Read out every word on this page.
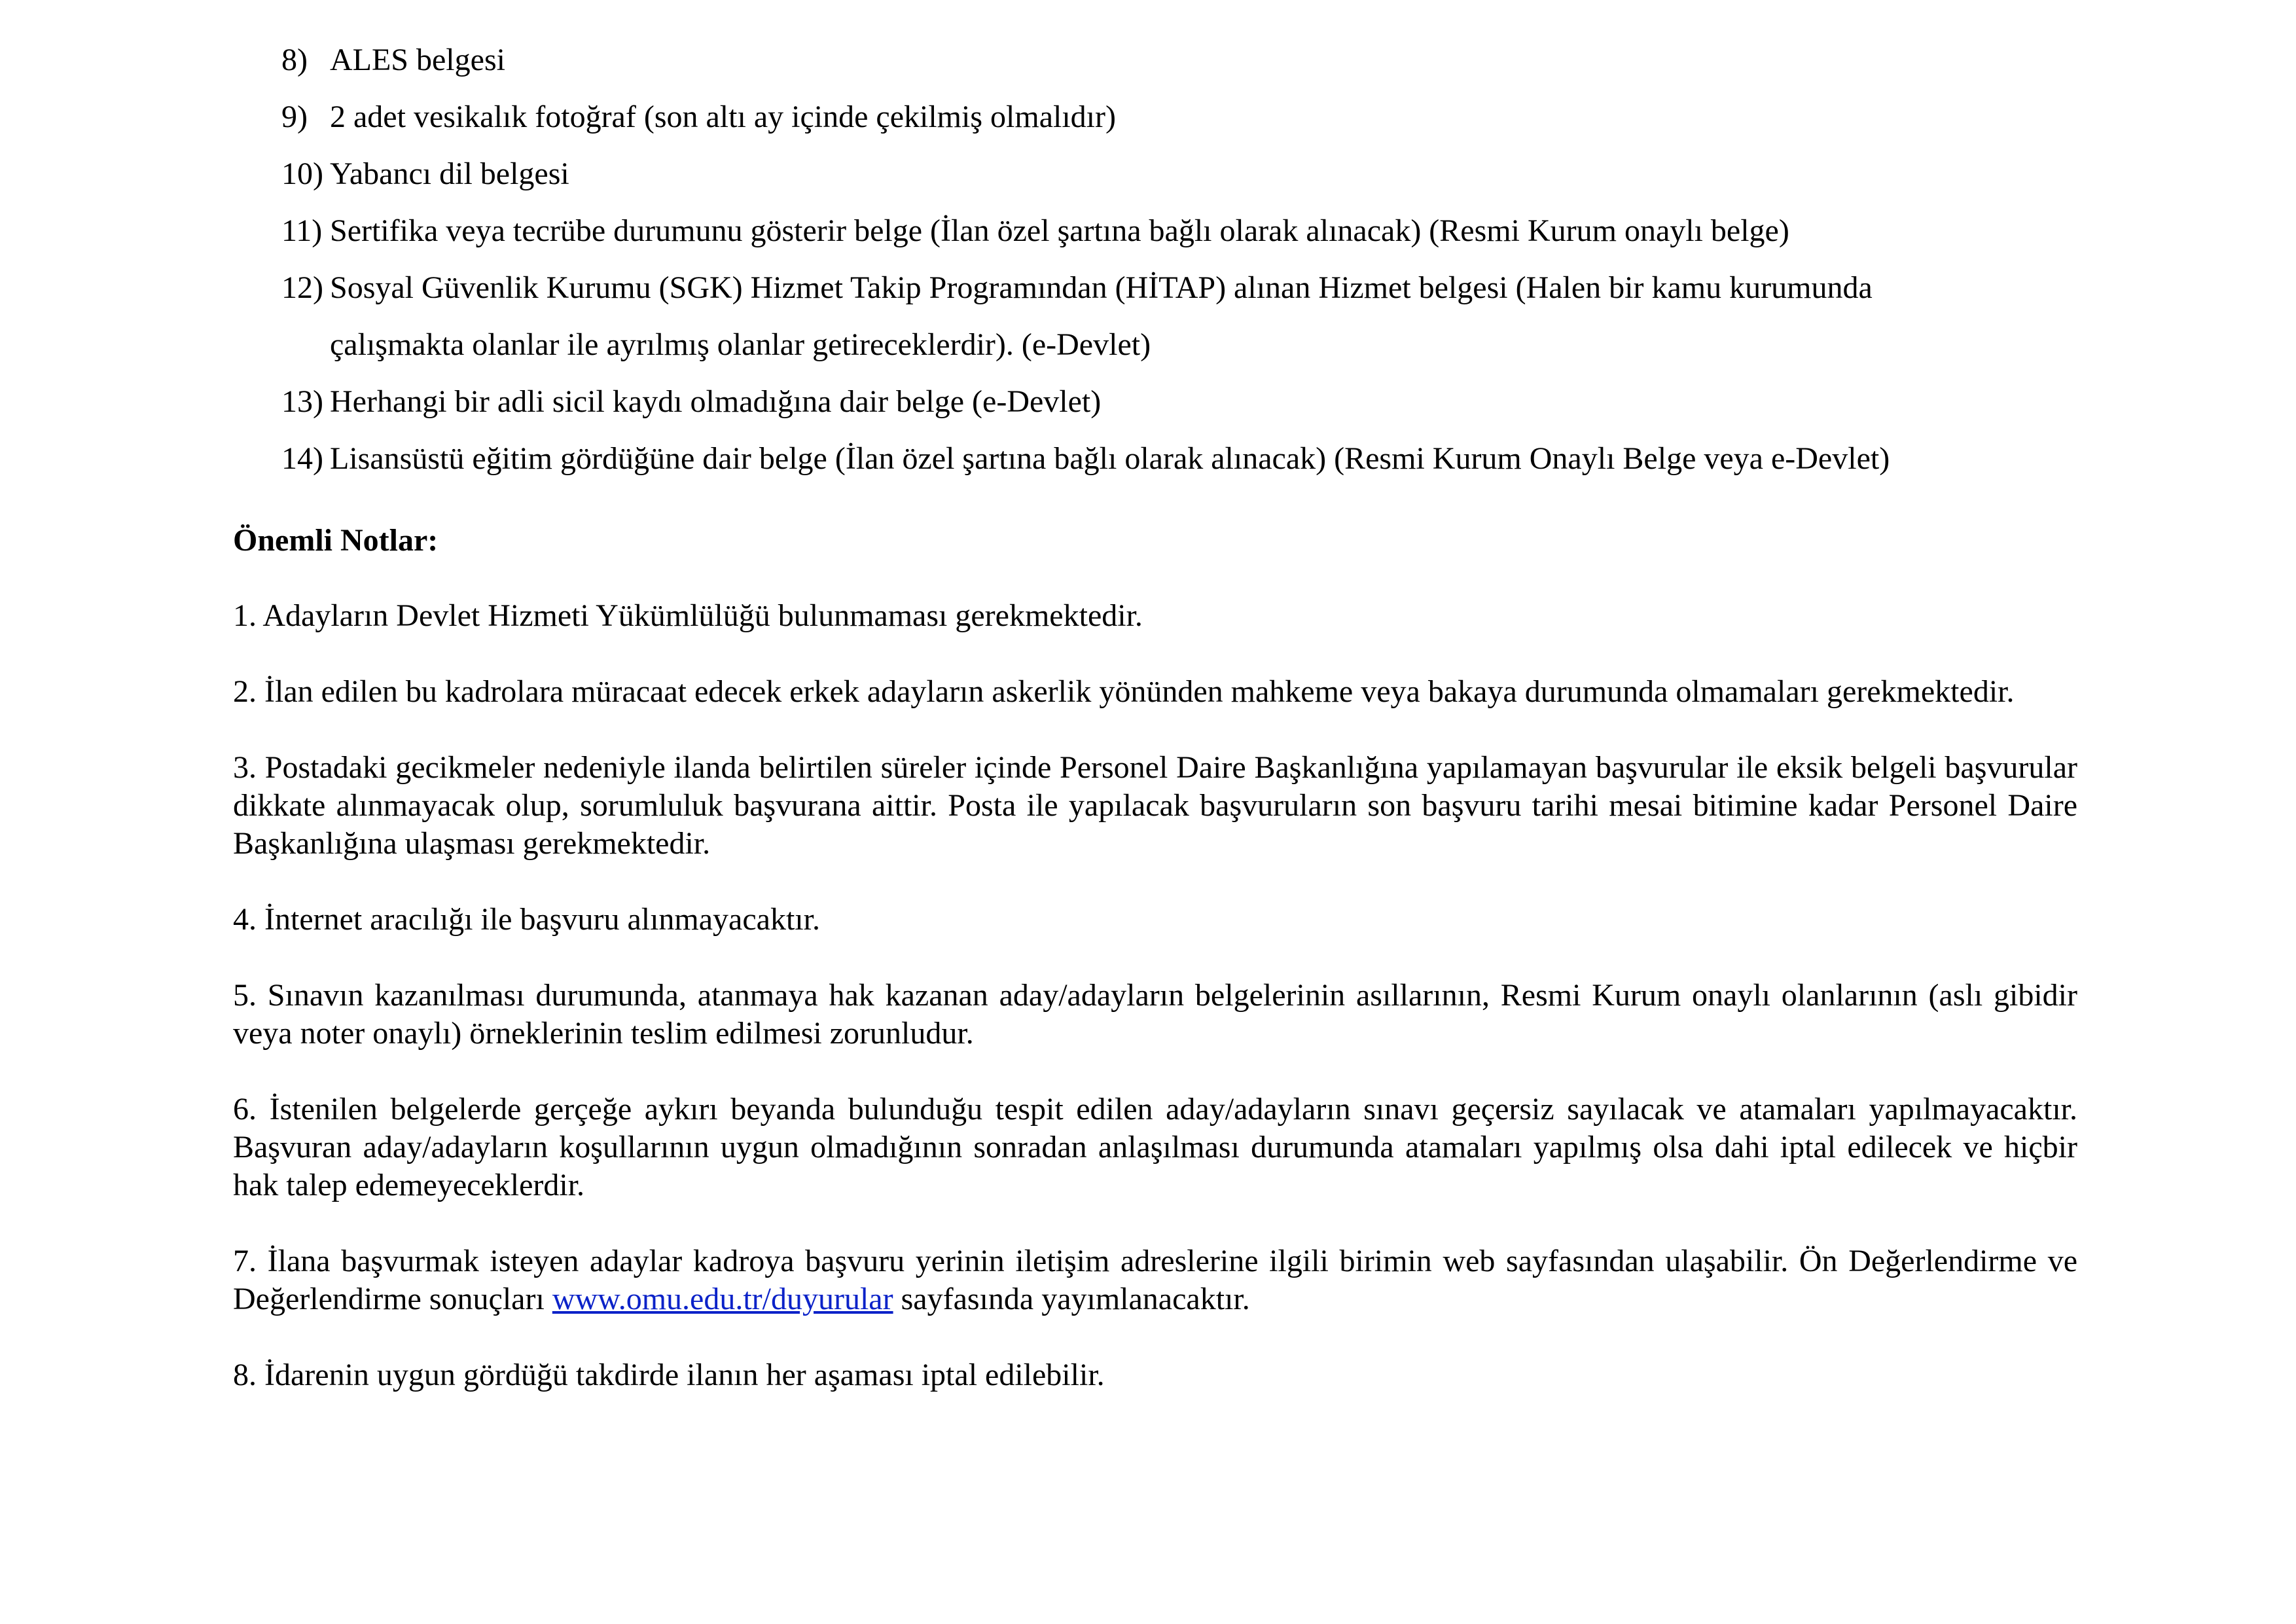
8) ALES belgesi
9) 2 adet vesikalık fotoğraf (son altı ay içinde çekilmiş olmalıdır)
10) Yabancı dil belgesi
11) Sertifika veya tecrübe durumunu gösterir belge (İlan özel şartına bağlı olarak alınacak) (Resmi Kurum onaylı belge)
12) Sosyal Güvenlik Kurumu (SGK) Hizmet Takip Programından (HİTAP) alınan Hizmet belgesi (Halen bir kamu kurumunda
çalışmakta olanlar ile ayrılmış olanlar getireceklerdir). (e-Devlet)
13) Herhangi bir adli sicil kaydı olmadığına dair belge (e-Devlet)
14) Lisansüstü eğitim gördüğüne dair belge (İlan özel şartına bağlı olarak alınacak) (Resmi Kurum Onaylı Belge veya e-Devlet)
Önemli Notlar:

1. Adayların Devlet Hizmeti Yükümlülüğü bulunmaması gerekmektedir.

2. İlan edilen bu kadrolara müracaat edecek erkek adayların askerlik yönünden mahkeme veya bakaya durumunda olmamaları gerekmektedir.

3. Postadaki gecikmeler nedeniyle ilanda belirtilen süreler içinde Personel Daire Başkanlığına yapılamayan başvurular ile eksik belgeli başvurular dikkate alınmayacak olup, sorumluluk başvurana aittir. Posta ile yapılacak başvuruların son başvuru tarihi mesai bitimine kadar Personel Daire Başkanlığına ulaşması gerekmektedir.

4. İnternet aracılığı ile başvuru alınmayacaktır.

5. Sınavın kazanılması durumunda, atanmaya hak kazanan aday/adayların belgelerinin asıllarının, Resmi Kurum onaylı olanlarının (aslı gibidir veya noter onaylı) örneklerinin teslim edilmesi zorunludur.

6. İstenilen belgelerde gerçeğe aykırı beyanda bulunduğu tespit edilen aday/adayların sınavı geçersiz sayılacak ve atamaları yapılmayacaktır. Başvuran aday/adayların koşullarının uygun olmadığının sonradan anlaşılması durumunda atamaları yapılmış olsa dahi iptal edilecek ve hiçbir hak talep edemeyeceklerdir.

7. İlana başvurmak isteyen adaylar kadroya başvuru yerinin iletişim adreslerine ilgili birimin web sayfasından ulaşabilir. Ön Değerlendirme ve Değerlendirme sonuçları www.omu.edu.tr/duyurular sayfasında yayımlanacaktır.

8. İdarenin uygun gördüğü takdirde ilanın her aşaması iptal edilebilir.
